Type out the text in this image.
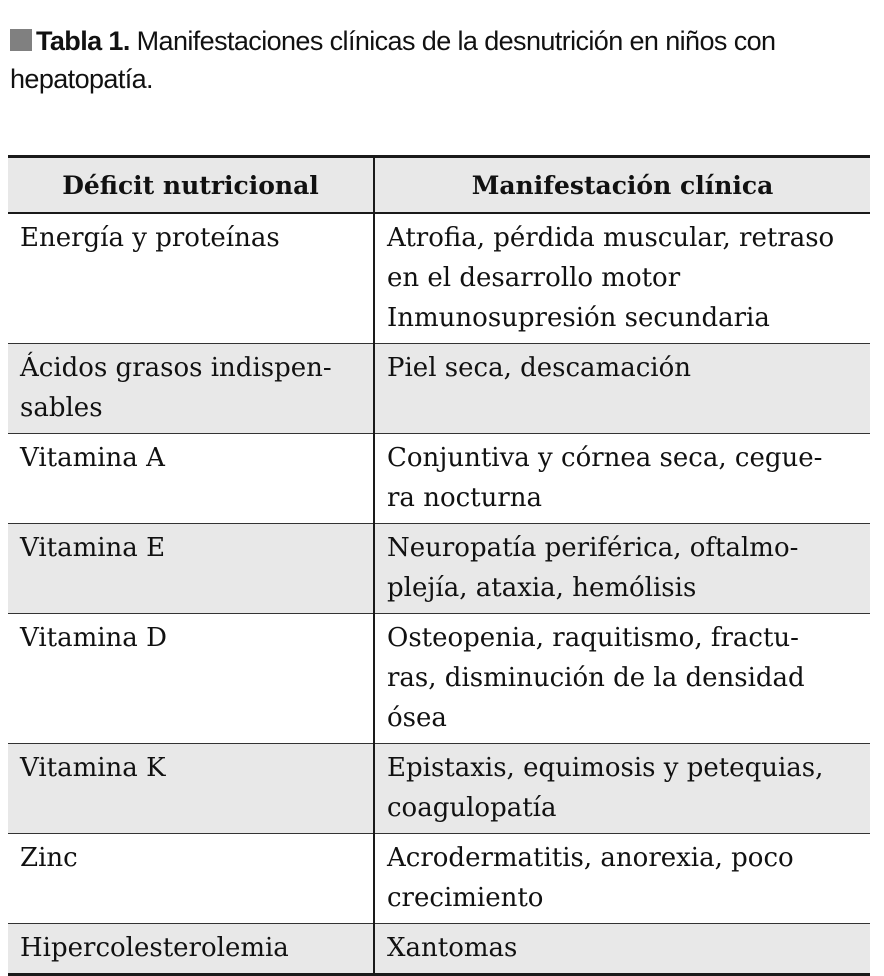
Tabla 1. Manifestaciones clínicas de la desnutrición en niños con hepatopatía.
Déficit nutricional	Manifestación clínica
Energía y proteínas	Atrofia, pérdida muscular, retraso
en el desarrollo motor
Inmunosupresión secundaria
Ácidos grasos indispen-
sables	Piel seca, descamación
Vitamina A	Conjuntiva y córnea seca, cegue-
ra nocturna
Vitamina E	Neuropatía periférica, oftalmo-
plejía, ataxia, hemólisis
Vitamina D	Osteopenia, raquitismo, fractu-
ras, disminución de la densidad
ósea
Vitamina K	Epistaxis, equimosis y petequias,
coagulopatía
Zinc	Acrodermatitis, anorexia, poco
crecimiento
Hipercolesterolemia	Xantomas
